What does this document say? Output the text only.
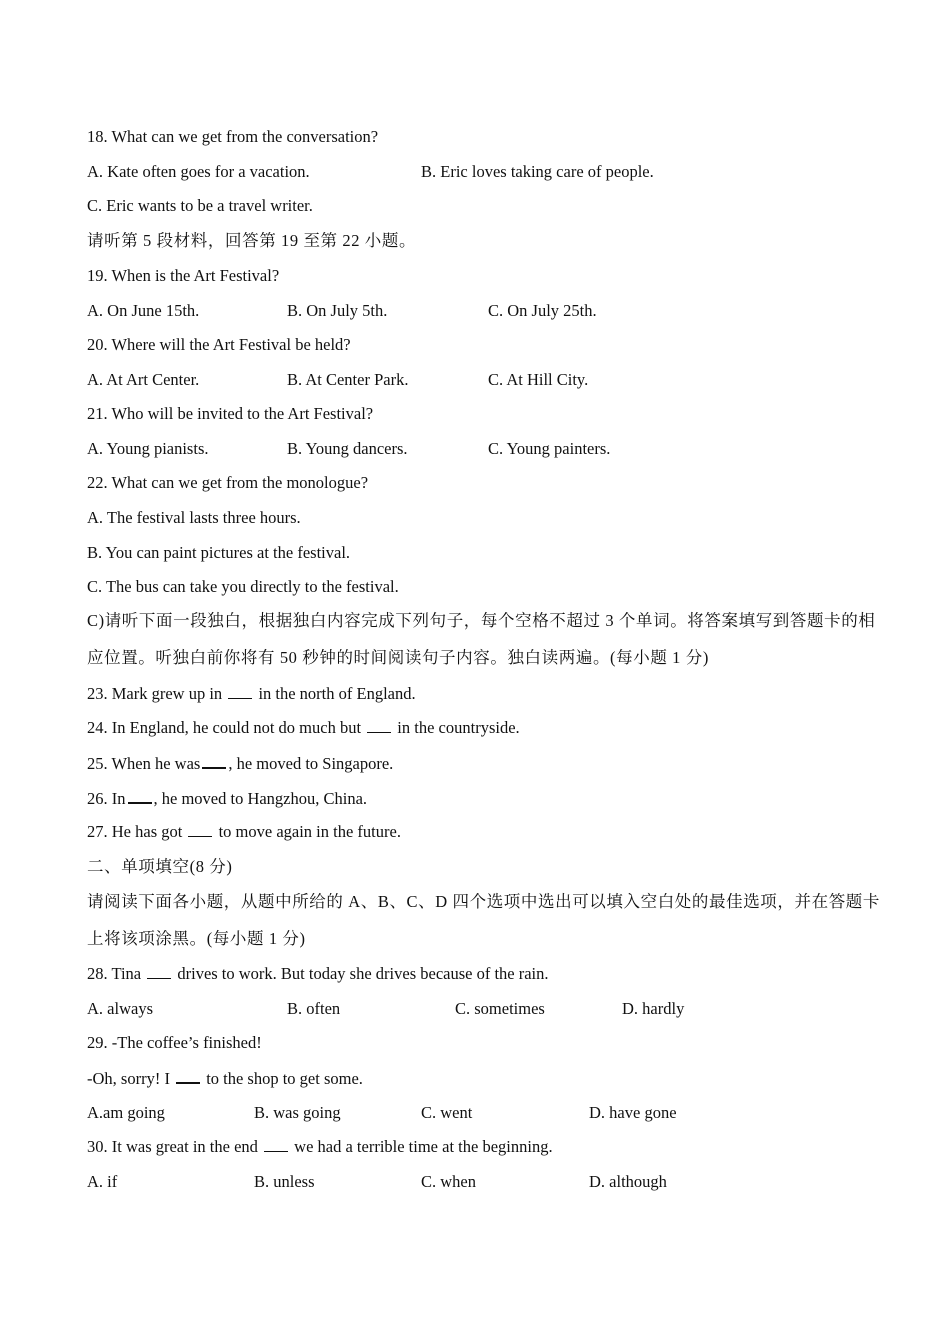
18. What can we get from the conversation?
A. Kate often goes for a vacation.	B. Eric loves taking care of people.
C. Eric wants to be a travel writer.
请听第 5 段材料，回答第 19 至第 22 小题。
19. When is the Art Festival?
A. On June 15th.	B. On July 5th.	C. On July 25th.
20. Where will the Art Festival be held?
A. At Art Center.	B. At Center Park.	C. At Hill City.
21. Who will be invited to the Art Festival?
A. Young pianists.	B. Young dancers.	C. Young painters.
22. What can we get from the monologue?
A. The festival lasts three hours.
B. You can paint pictures at the festival.
C. The bus can take you directly to the festival.
C)请听下面一段独白，根据独白内容完成下列句子，每个空格不超过 3 个单词。将答案填写到答题卡的相
应位置。听独白前你将有 50 秒钟的时间阅读句子内容。独白读两遍。(每小题 1 分)
23. Mark grew up in in the north of England.
24. In England, he could not do much but in the countryside.
25. When he was , he moved to Singapore.
26. In , he moved to Hangzhou, China.
27. He has got to move again in the future.
二、单项填空(8 分)
请阅读下面各小题，从题中所给的 A、B、C、D 四个选项中选出可以填入空白处的最佳选项，并在答题卡
上将该项涂黑。(每小题 1 分)
28. Tina drives to work. But today she drives because of the rain.
A. always	B. often	C. sometimes	D. hardly
29. -The coffee’s finished!
-Oh, sorry! I to the shop to get some.
A.am going	B. was going	C. went	D. have gone
30. It was great in the end we had a terrible time at the beginning.
A. if	B. unless	C. when	D. although
